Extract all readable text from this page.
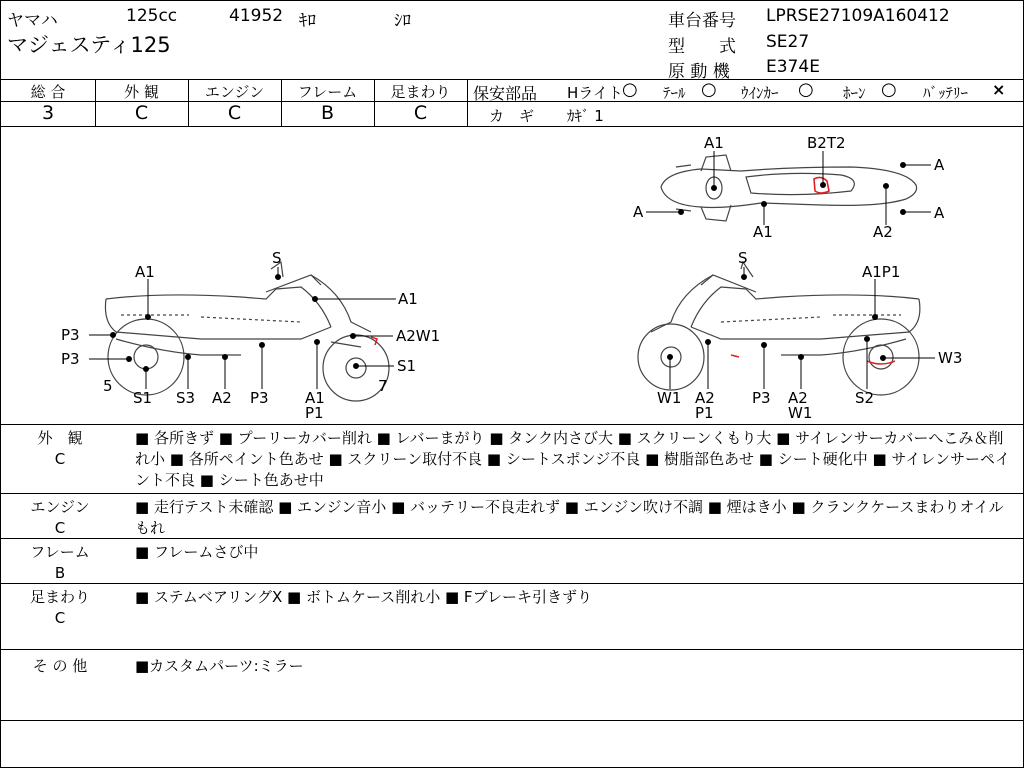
ヤマハ	125cc	41952 ｷﾛ	ｼﾛ
マジェスティ125
車台番号 LPRSE27109A160412
型　　式 SE27
原 動 機 E374E
総 合	外 観	エンジン	フレーム	足まわり
3	C	C	B	C
保安部品 Hライト ○ ﾃｰﾙ ○ ｳｲﾝｶｰ ○ ﾎｰﾝ ○ ﾊﾞｯﾃﾘｰ ×
カ　ギ ｶｷﾞ 1
A1	B2T2
A
A	A
A1	A2
S
A1
A1
P3	A2W1
P3	S1
5	7
S1 S3 A2 P3 A1
P1
S
A1P1
W3
W1 A2
P1
P3 A2
W1
S2
外　観
C
■ 各所きず ■ プーリーカバー削れ ■ レバーまがり ■ タンク内さび大 ■ スクリーンくもり大 ■ サイレンサーカバーへこみ＆削れ小 ■ 各所ペイント色あせ ■ スクリーン取付不良 ■ シートスポンジ不良 ■ 樹脂部色あせ ■ シート硬化中 ■ サイレンサーペイント不良 ■ シート色あせ中
エンジン
C
■ 走行テスト未確認 ■ エンジン音小 ■ バッテリー不良走れず ■ エンジン吹け不調 ■ 煙はき小 ■ クランクケースまわりオイルもれ
フレーム
B
■ フレームさび中
足まわり
C
■ ステムベアリングX ■ ボトムケース削れ小 ■ Fブレーキ引きずり
そ の 他	■カスタムパーツ:ミラー
